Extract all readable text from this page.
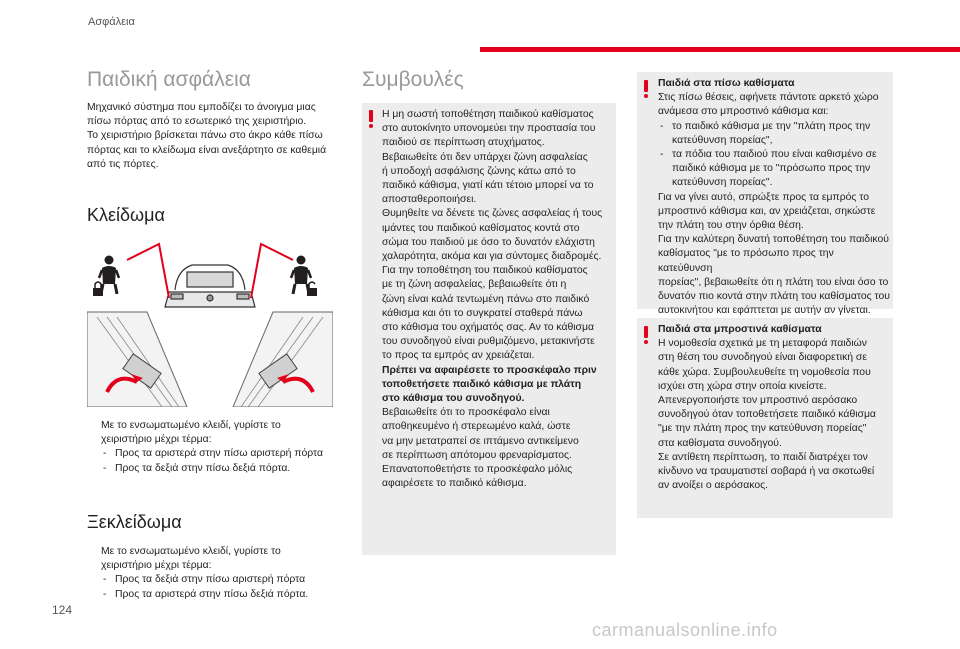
Ασφάλεια
Παιδική ασφάλεια

Μηχανικό σύστημα που εμποδίζει το άνοιγμα μιας

πίσω πόρτας από το εσωτερικό της χειριστήριο.

Το χειριστήριο βρίσκεται πάνω στο άκρο κάθε πίσω

πόρτας και το κλείδωμα είναι ανεξάρτητο σε καθεμιά

από τις πόρτες.

Κλείδωμα

Με το ενσωματωμένο κλειδί, γυρίστε το

χειριστήριο μέχρι τέρμα:

- Προς τα αριστερά στην πίσω αριστερή πόρτα

- Προς τα δεξιά στην πίσω δεξιά πόρτα.

Ξεκλείδωμα

Με το ενσωματωμένο κλειδί, γυρίστε το

χειριστήριο μέχρι τέρμα:

- Προς τα δεξιά στην πίσω αριστερή πόρτα

- Προς τα αριστερά στην πίσω δεξιά πόρτα.

Συμβουλές

Η μη σωστή τοποθέτηση παιδικού καθίσματος

στο αυτοκίνητο υπονομεύει την προστασία του

παιδιού σε περίπτωση ατυχήματος.

Βεβαιωθείτε ότι δεν υπάρχει ζώνη ασφαλείας

ή υποδοχή ασφάλισης ζώνης κάτω από το

παιδικό κάθισμα, γιατί κάτι τέτοιο μπορεί να το

αποσταθεροποιήσει.

Θυμηθείτε να δένετε τις ζώνες ασφαλείας ή τους

ιμάντες του παιδικού καθίσματος κοντά στο

σώμα του παιδιού με όσο το δυνατόν ελάχιστη

χαλαρότητα, ακόμα και για σύντομες διαδρομές.

Για την τοποθέτηση του παιδικού καθίσματος

με τη ζώνη ασφαλείας, βεβαιωθείτε ότι η

ζώνη είναι καλά τεντωμένη πάνω στο παιδικό

κάθισμα και ότι το συγκρατεί σταθερά πάνω

στο κάθισμα του οχήματός σας. Αν το κάθισμα

του συνοδηγού είναι ρυθμιζόμενο, μετακινήστε

το προς τα εμπρός αν χρειάζεται.

Πρέπει να αφαιρέσετε το προσκέφαλο πριν

τοποθετήσετε παιδικό κάθισμα με πλάτη

στο κάθισμα του συνοδηγού.

Βεβαιωθείτε ότι το προσκέφαλο είναι

αποθηκευμένο ή στερεωμένο καλά, ώστε

να μην μετατραπεί σε ιπτάμενο αντικείμενο

σε περίπτωση απότομου φρεναρίσματος.

Επανατοποθετήστε το προσκέφαλο μόλις

αφαιρέσετε το παιδικό κάθισμα.

Παιδιά στα πίσω καθίσματα

Στις πίσω θέσεις, αφήνετε πάντοτε αρκετό χώρο

ανάμεσα στο μπροστινό κάθισμα και:

- το παιδικό κάθισμα με την "πλάτη προς την

κατεύθυνση πορείας",

- τα πόδια του παιδιού που είναι καθισμένο σε

παιδικό κάθισμα με το "πρόσωπο προς την

κατεύθυνση πορείας".

Για να γίνει αυτό, σπρώξτε προς τα εμπρός το

μπροστινό κάθισμα και, αν χρειάζεται, σηκώστε

την πλάτη του στην όρθια θέση.

Για την καλύτερη δυνατή τοποθέτηση του παιδικού

καθίσματος "με το πρόσωπο προς την κατεύθυνση

πορείας", βεβαιωθείτε ότι η πλάτη του είναι όσο το

δυνατόν πιο κοντά στην πλάτη του καθίσματος του

αυτοκινήτου και εφάπτεται με αυτήν αν γίνεται.

Παιδιά στα μπροστινά καθίσματα

Η νομοθεσία σχετικά με τη μεταφορά παιδιών

στη θέση του συνοδηγού είναι διαφορετική σε

κάθε χώρα. Συμβουλευθείτε τη νομοθεσία που

ισχύει στη χώρα στην οποία κινείστε.

Απενεργοποιήστε τον μπροστινό αερόσακο

συνοδηγού όταν τοποθετήσετε παιδικό κάθισμα

"με την πλάτη προς την κατεύθυνση πορείας"

στα καθίσματα συνοδηγού.

Σε αντίθετη περίπτωση, το παιδί διατρέχει τον

κίνδυνο να τραυματιστεί σοβαρά ή να σκοτωθεί

αν ανοίξει ο αερόσακος.

124
carmanualsonline.info
